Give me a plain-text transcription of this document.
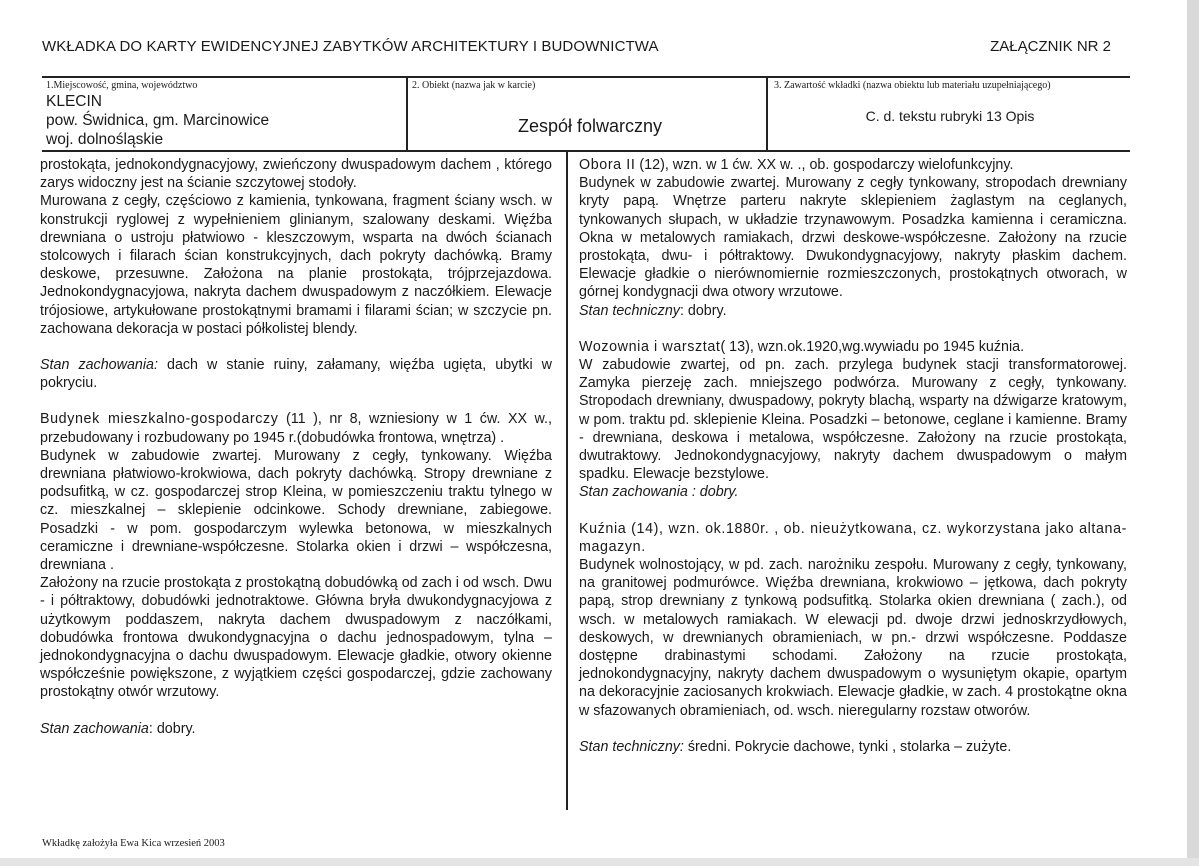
WKŁADKA DO KARTY EWIDENCYJNEJ ZABYTKÓW ARCHITEKTURY I BUDOWNICTWA	ZAŁĄCZNIK NR 2
1.Miejscowość, gmina, województwo
KLECIN
pow. Świdnica, gm. Marcinowice
woj. dolnośląskie
2. Obiekt (nazwa jak w karcie)
Zespół folwarczny
3. Zawartość wkładki (nazwa obiektu lub materiału uzupełniającego)
C. d. tekstu rubryki 13 Opis

prostokąta, jednokondygnacyjowy, zwieńczony dwuspadowym dachem , którego zarys widoczny jest na ścianie szczytowej stodoły.

Murowana z cegły, częściowo z kamienia, tynkowana, fragment ściany wsch. w konstrukcji ryglowej z wypełnieniem glinianym, szalowany deskami. Więźba drewniana o ustroju płatwiowo - kleszczowym, wsparta na dwóch ścianach stolcowych i filarach ścian konstrukcyjnych, dach pokryty dachówką. Bramy deskowe, przesuwne. Założona na planie prostokąta, trójprzejazdowa. Jednokondygnacyjowa, nakryta dachem dwuspadowym z naczółkiem. Elewacje trójosiowe, artykułowane prostokątnymi bramami i filarami ścian; w szczycie pn. zachowana dekoracja w postaci półkolistej blendy.

Stan zachowania: dach w stanie ruiny, załamany, więźba ugięta, ubytki w pokryciu.

Budynek mieszkalno-gospodarczy (11 ), nr 8, wzniesiony w 1 ćw. XX w., przebudowany i rozbudowany po 1945 r.(dobudówka frontowa, wnętrza) .

Budynek w zabudowie zwartej. Murowany z cegły, tynkowany. Więźba drewniana płatwiowo-krokwiowa, dach pokryty dachówką. Stropy drewniane z podsufitką, w cz. gospodarczej strop Kleina, w pomieszczeniu traktu tylnego w cz. mieszkalnej – sklepienie odcinkowe. Schody drewniane, zabiegowe. Posadzki - w pom. gospodarczym wylewka betonowa, w mieszkalnych ceramiczne i drewniane-współczesne. Stolarka okien i drzwi – współczesna, drewniana .

Założony na rzucie prostokąta z prostokątną dobudówką od zach i od wsch. Dwu - i półtraktowy, dobudówki jednotraktowe. Główna bryła dwukondygnacyjowa z użytkowym poddaszem, nakryta dachem dwuspadowym z naczółkami, dobudówka frontowa dwukondygnacyjna o dachu jednospadowym, tylna – jednokondygnacyjna o dachu dwuspadowym. Elewacje gładkie, otwory okienne współcześnie powiększone, z wyjątkiem części gospodarczej, gdzie zachowany prostokątny otwór wrzutowy.

Stan zachowania: dobry.

Obora II (12), wzn. w 1 ćw. XX w. ., ob. gospodarczy wielofunkcyjny.

Budynek w zabudowie zwartej. Murowany z cegły tynkowany, stropodach drewniany kryty papą. Wnętrze parteru nakryte sklepieniem żaglastym na ceglanych, tynkowanych słupach, w układzie trzynawowym. Posadzka kamienna i ceramiczna. Okna w metalowych ramiakach, drzwi deskowe-współczesne. Założony na rzucie prostokąta, dwu- i półtraktowy. Dwukondygnacyjowy, nakryty płaskim dachem. Elewacje gładkie o nierównomiernie rozmieszczonych, prostokątnych otworach, w górnej kondygnacji dwa otwory wrzutowe.

Stan techniczny: dobry.

Wozownia i warsztat( 13), wzn.ok.1920,wg.wywiadu po 1945 kuźnia.

W zabudowie zwartej, od pn. zach. przylega budynek stacji transformatorowej. Zamyka pierzeję zach. mniejszego podwórza. Murowany z cegły, tynkowany. Stropodach drewniany, dwuspadowy, pokryty blachą, wsparty na dźwigarze kratowym, w pom. traktu pd. sklepienie Kleina. Posadzki – betonowe, ceglane i kamienne. Bramy - drewniana, deskowa i metalowa, współczesne. Założony na rzucie prostokąta, dwutraktowy. Jednokondygnacyjowy, nakryty dachem dwuspadowym o małym spadku. Elewacje bezstylowe.

Stan zachowania : dobry.

Kuźnia (14), wzn. ok.1880r. , ob. nieużytkowana, cz. wykorzystana jako altana-magazyn.

Budynek wolnostojący, w pd. zach. narożniku zespołu. Murowany z cegły, tynkowany, na granitowej podmurówce. Więźba drewniana, krokwiowo – jętkowa, dach pokryty papą, strop drewniany z tynkową podsufitką. Stolarka okien drewniana ( zach.), od wsch. w metalowych ramiakach. W elewacji pd. dwoje drzwi jednoskrzydłowych, deskowych, w drewnianych obramieniach, w pn.- drzwi współczesne. Poddasze dostępne drabinastymi schodami. Założony na rzucie prostokąta, jednokondygnacyjny, nakryty dachem dwuspadowym o wysuniętym okapie, opartym na dekoracyjnie zaciosanych krokwiach. Elewacje gładkie, w zach. 4 prostokątne okna w sfazowanych obramieniach, od. wsch. nieregularny rozstaw otworów.

Stan techniczny: średni. Pokrycie dachowe, tynki , stolarka – zużyte.

Wkładkę założyła Ewa Kica wrzesień 2003
